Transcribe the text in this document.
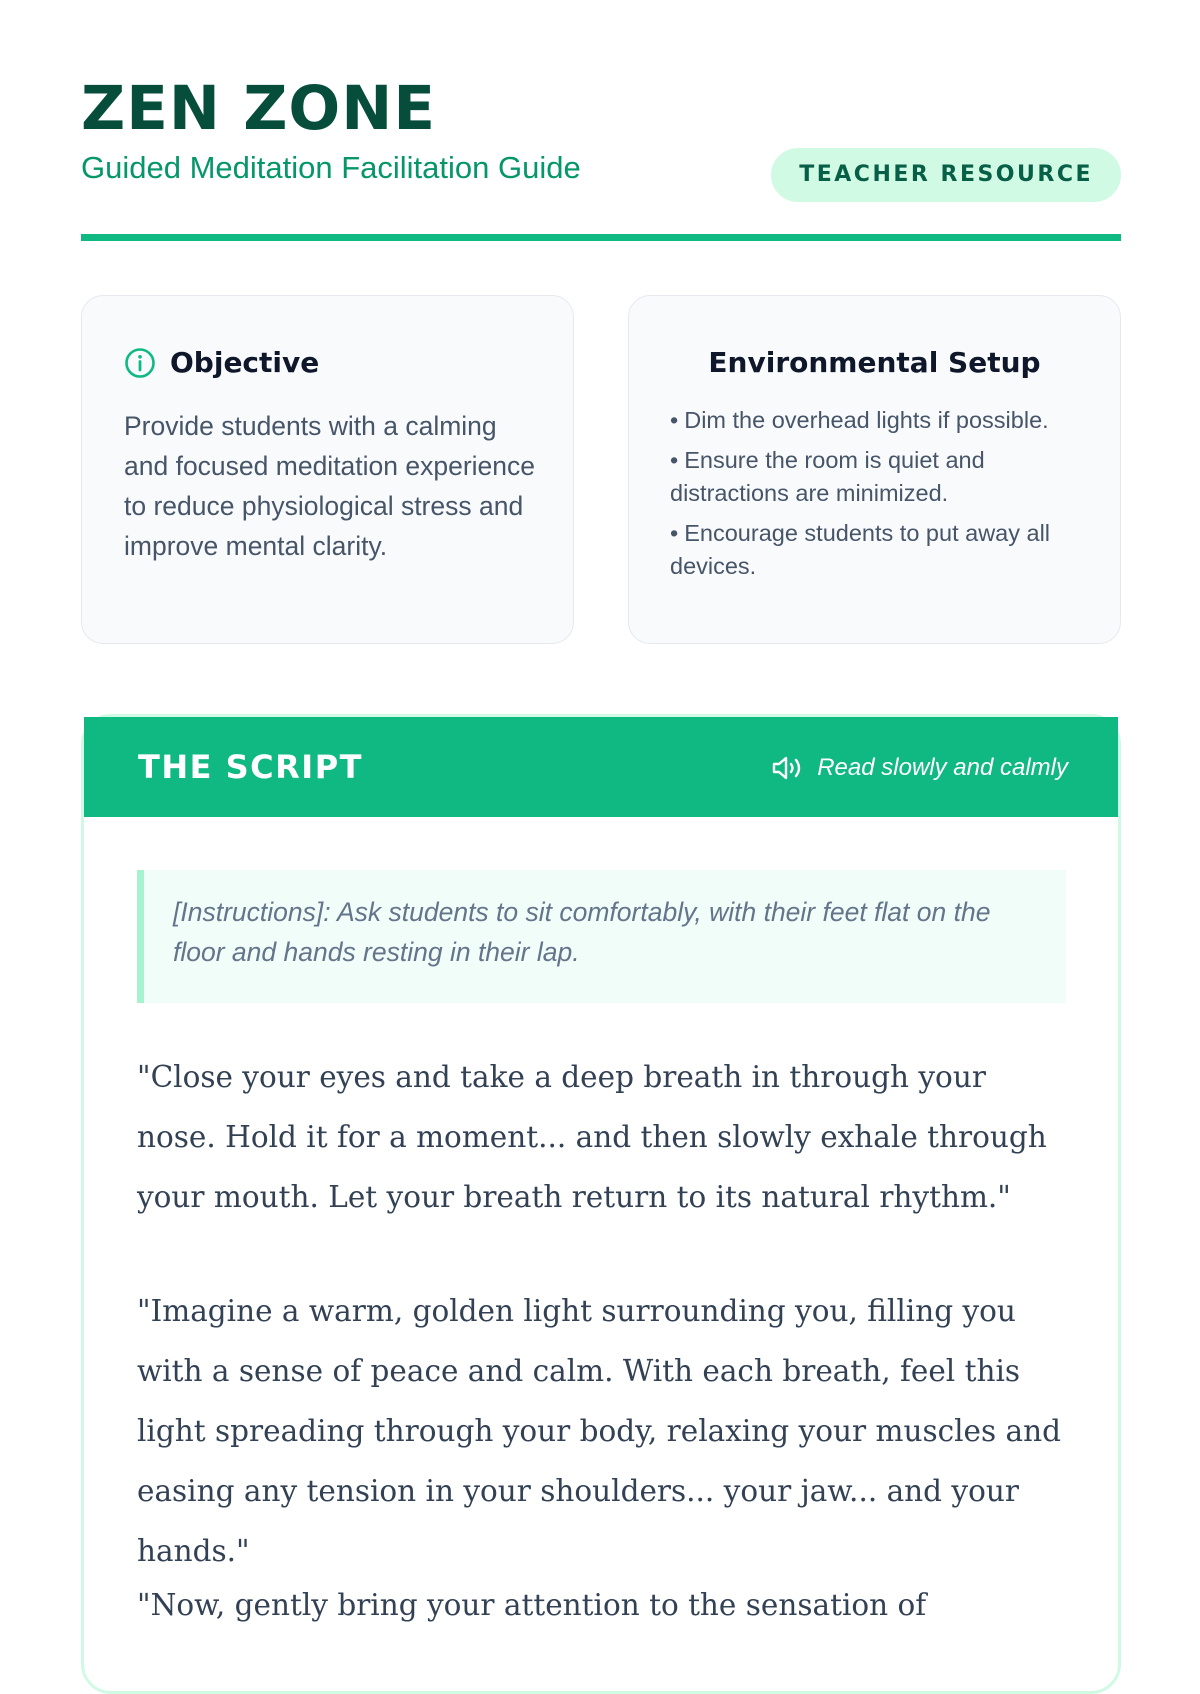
ZEN ZONE
Guided Meditation Facilitation Guide	TEACHER RESOURCE
Objective
Provide students with a calming and focused meditation experience to reduce physiological stress and improve mental clarity.
Environmental Setup
• Dim the overhead lights if possible.
• Ensure the room is quiet and distractions are minimized.
• Encourage students to put away all devices.
THE SCRIPT	Read slowly and calmly
[Instructions]: Ask students to sit comfortably, with their feet flat on the floor and hands resting in their lap.

"Close your eyes and take a deep breath in through your nose. Hold it for a moment... and then slowly exhale through your mouth. Let your breath return to its natural rhythm."

"Imagine a warm, golden light surrounding you, filling you with a sense of peace and calm. With each breath, feel this light spreading through your body, relaxing your muscles and easing any tension in your shoulders... your jaw... and your hands."

"Now, gently bring your attention to the sensation of
